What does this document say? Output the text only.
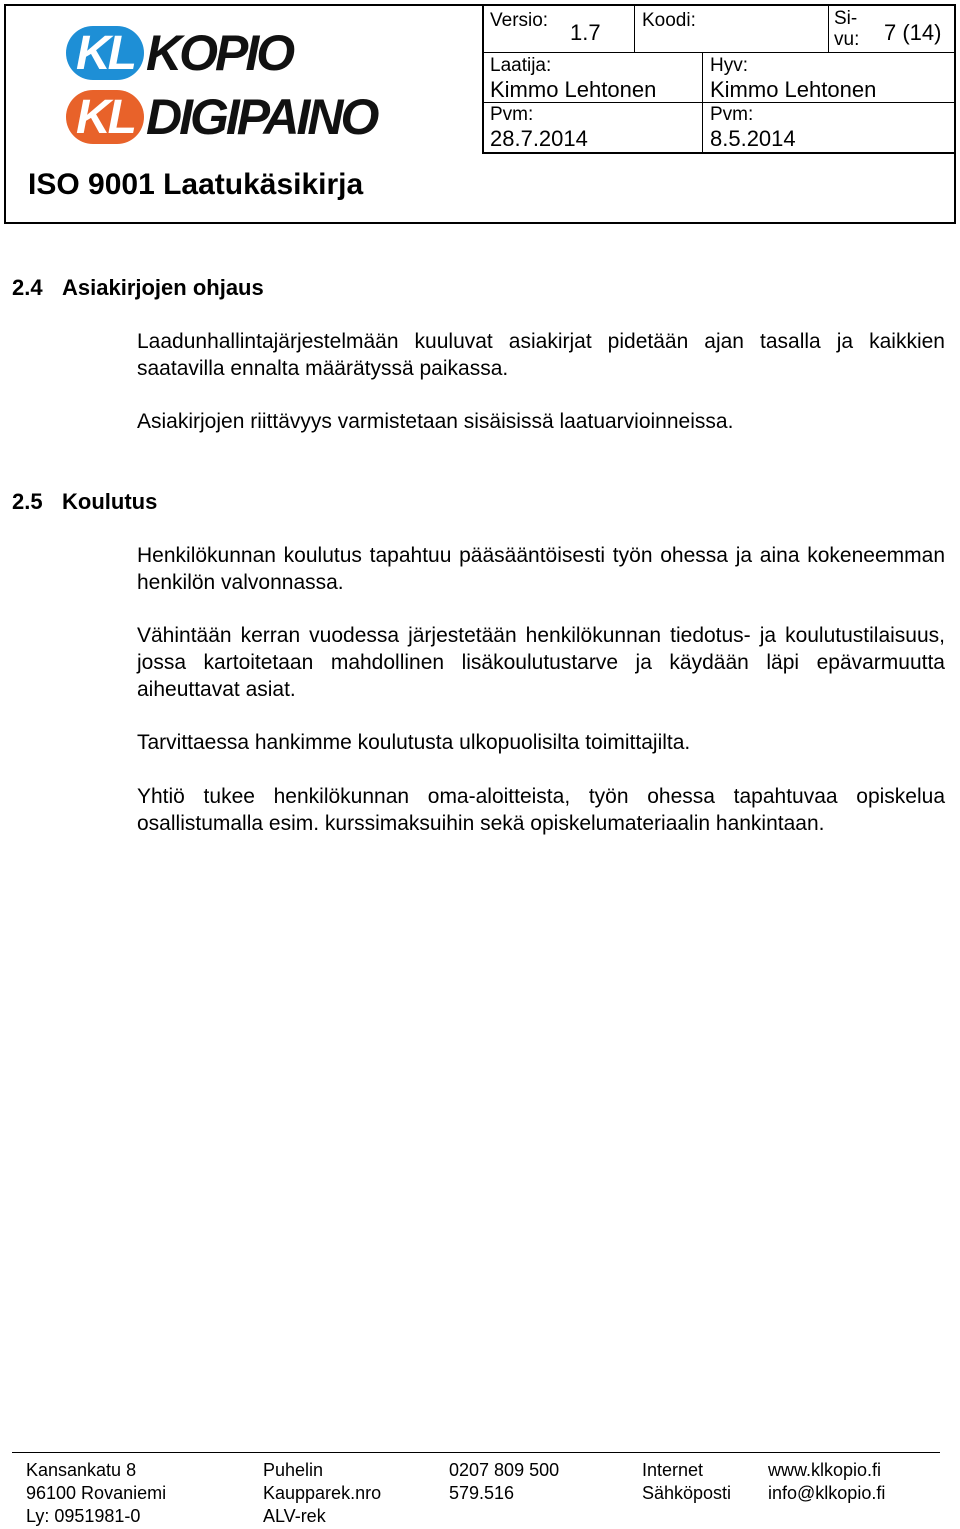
KL KOPIO
KL DIGIPAINO
ISO 9001 Laatukäsikirja
Versio: 1.7 Koodi:	Si-
vu: 7 (14)
Laatija:
Kimmo Lehtonen
Hyv:
Kimmo Lehtonen
Pvm:
28.7.2014
Pvm:
8.5.2014
2.4 Asiakirjojen ohjaus

Laadunhallintajärjestelmään kuuluvat asiakirjat pidetään ajan tasalla ja kaikkien saatavilla ennalta määrätyssä paikassa.

Asiakirjojen riittävyys varmistetaan sisäisissä laatuarvioinneissa.

2.5 Koulutus

Henkilökunnan koulutus tapahtuu pääsääntöisesti työn ohessa ja aina kokeneemman henkilön valvonnassa.

Vähintään kerran vuodessa järjestetään henkilökunnan tiedotus- ja koulutustilaisuus, jossa kartoitetaan mahdollinen lisäkoulutustarve ja käydään läpi epävarmuutta aiheuttavat asiat.

Tarvittaessa hankimme koulutusta ulkopuolisilta toimittajilta.

Yhtiö tukee henkilökunnan oma-aloitteista, työn ohessa tapahtuvaa opiskelua osallistumalla esim. kurssimaksuihin sekä opiskelumateriaalin hankintaan.

Kansankatu 8
96100 Rovaniemi
Ly: 0951981-0
Puhelin
Kaupparek.nro
ALV-rek
0207 809 500
579.516
Internet
Sähköposti
www.klkopio.fi
info@klkopio.fi
